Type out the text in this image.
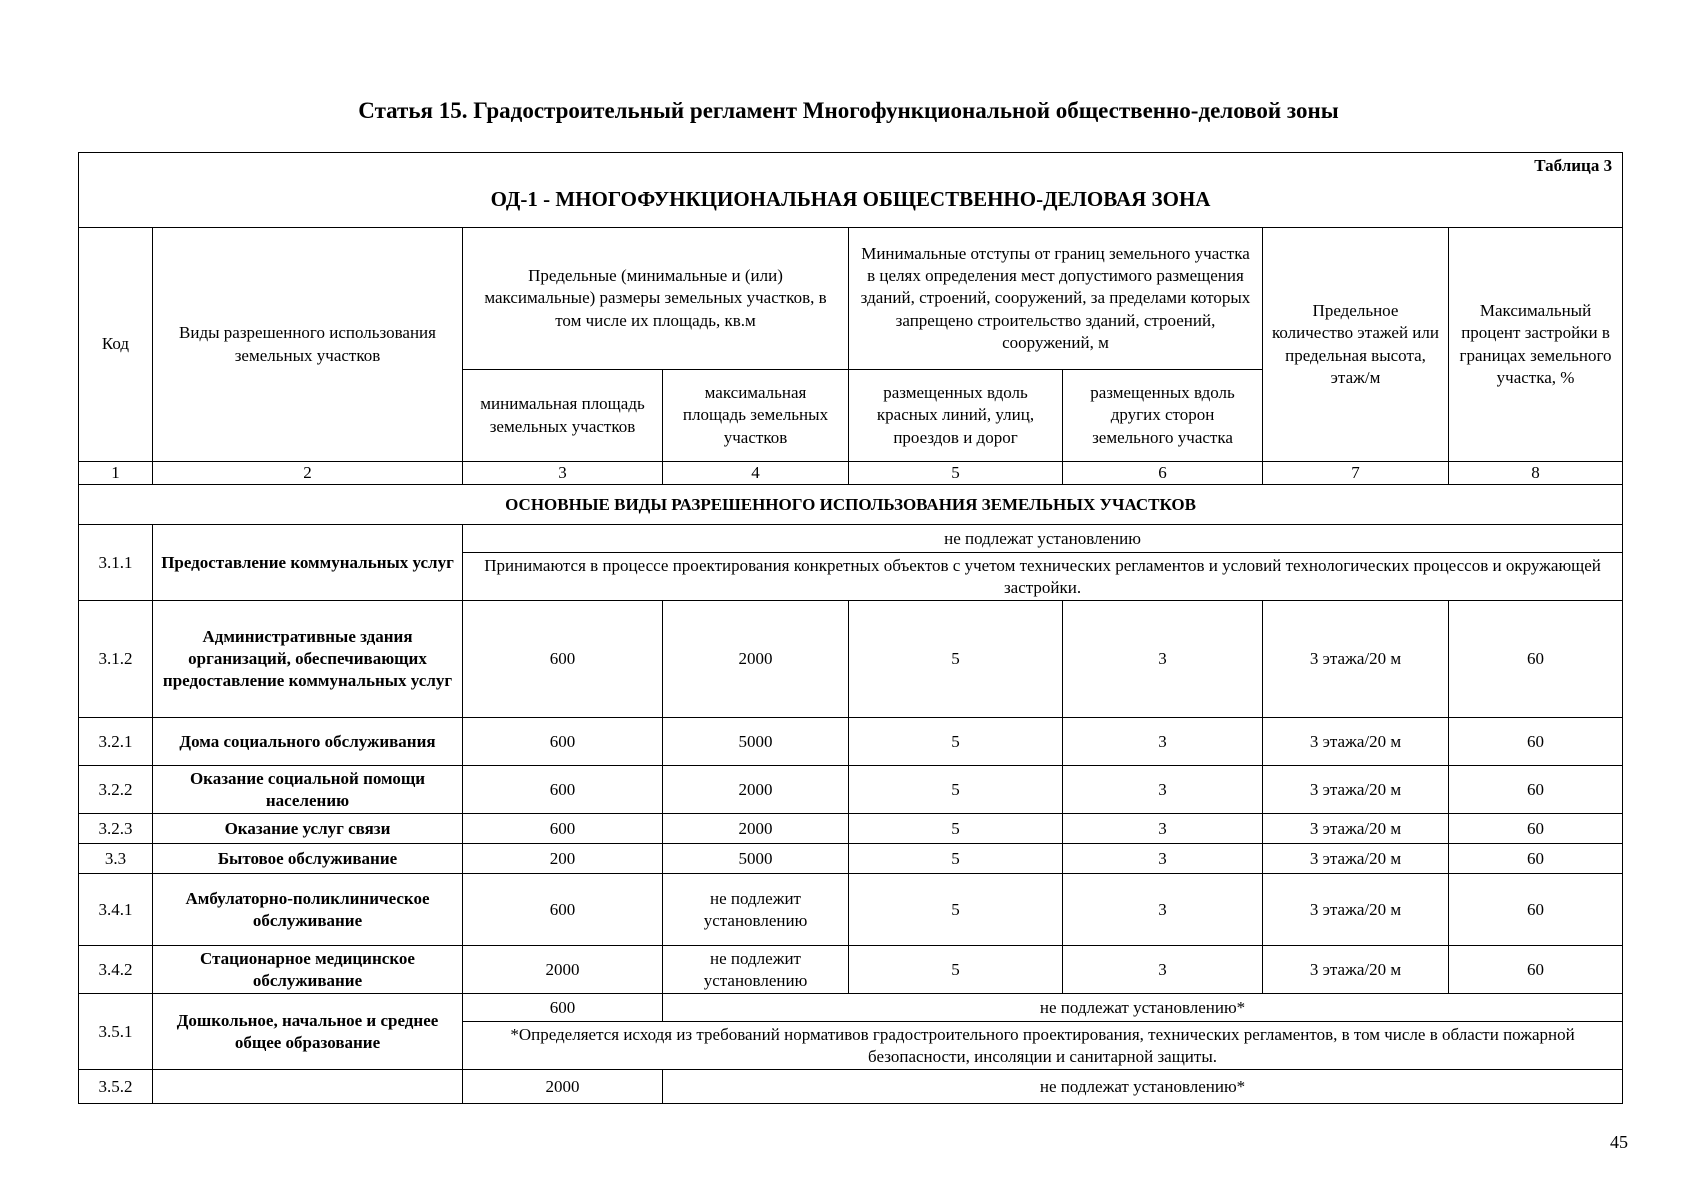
Статья 15. Градостроительный регламент Многофункциональной общественно-деловой зоны
Таблица 3
ОД-1 - МНОГОФУНКЦИОНАЛЬНАЯ ОБЩЕСТВЕННО-ДЕЛОВАЯ ЗОНА							

Код	Виды разрешенного использования земельных участков	Предельные (минимальные и (или) максимальные) размеры земельных участков, в том числе их площадь, кв.м		Минимальные отступы от границ земельного участка в целях определения мест допустимого размещения зданий, строений, сооружений, за пределами которых запрещено строительство зданий, строений, сооружений, м		Предельное количество этажей или предельная высота, этаж/м	Максимальный процент застройки в границах земельного участка, %
		минимальная площадь земельных участков	максимальная площадь земельных участков	размещенных вдоль красных линий, улиц, проездов и дорог	размещенных вдоль других сторон земельного участка		
1	2	3	4	5	6	7	8
ОСНОВНЫЕ ВИДЫ РАЗРЕШЕННОГО ИСПОЛЬЗОВАНИЯ ЗЕМЕЛЬНЫХ УЧАСТКОВ							
3.1.1	Предоставление коммунальных услуг	не подлежат установлению					
		Принимаются в процессе проектирования конкретных объектов с учетом технических регламентов и условий технологических процессов и окружающей застройки.					
3.1.2	Административные здания организаций, обеспечивающих предоставление коммунальных услуг	600	2000	5	3	3 этажа/20 м	60
3.2.1	Дома социального обслуживания	600	5000	5	3	3 этажа/20 м	60
3.2.2	Оказание социальной помощи населению	600	2000	5	3	3 этажа/20 м	60
3.2.3	Оказание услуг связи	600	2000	5	3	3 этажа/20 м	60
3.3	Бытовое обслуживание	200	5000	5	3	3 этажа/20 м	60
3.4.1	Амбулаторно-поликлиническое обслуживание	600	не подлежит установлению	5	3	3 этажа/20 м	60
3.4.2	Стационарное медицинское обслуживание	2000	не подлежит установлению	5	3	3 этажа/20 м	60
3.5.1	Дошкольное, начальное и среднее общее образование	600	не подлежат установлению*				
		*Определяется исходя из требований нормативов градостроительного проектирования, технических регламентов, в том числе в области пожарной безопасности, инсоляции и санитарной защиты.					
3.5.2		2000	не подлежат установлению*				
45
